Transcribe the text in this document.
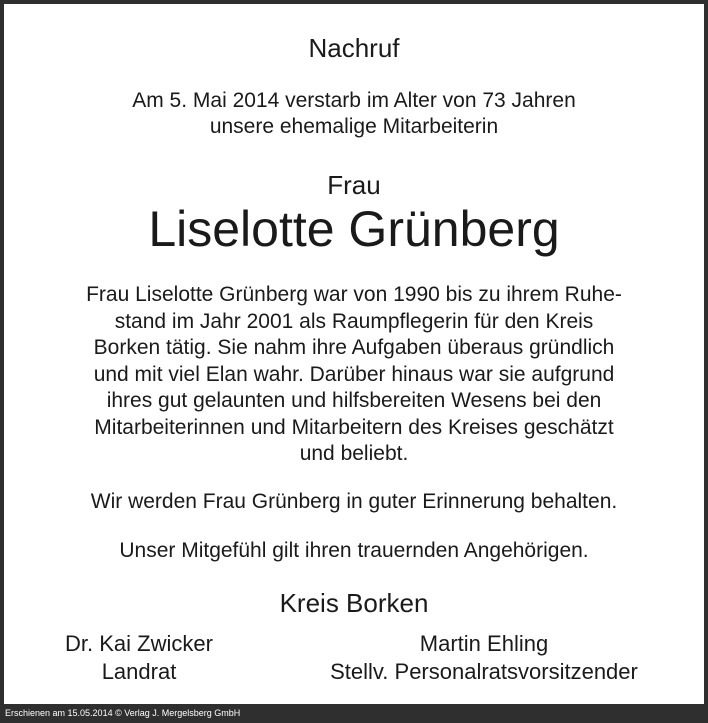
Nachruf
Am 5. Mai 2014 verstarb im Alter von 73 Jahren
unsere ehemalige Mitarbeiterin
Frau
Liselotte Grünberg
Frau Liselotte Grünberg war von 1990 bis zu ihrem Ruhe-
stand im Jahr 2001 als Raumpflegerin für den Kreis
Borken tätig. Sie nahm ihre Aufgaben überaus gründlich
und mit viel Elan wahr. Darüber hinaus war sie aufgrund
ihres gut gelaunten und hilfsbereiten Wesens bei den
Mitarbeiterinnen und Mitarbeitern des Kreises geschätzt
und beliebt.
Wir werden Frau Grünberg in guter Erinnerung behalten.
Unser Mitgefühl gilt ihren trauernden Angehörigen.
Kreis Borken
Dr. Kai Zwicker
Landrat
Martin Ehling
Stellv. Personalratsvorsitzender
Erschienen am 15.05.2014 © Verlag J. Mergelsberg GmbH
